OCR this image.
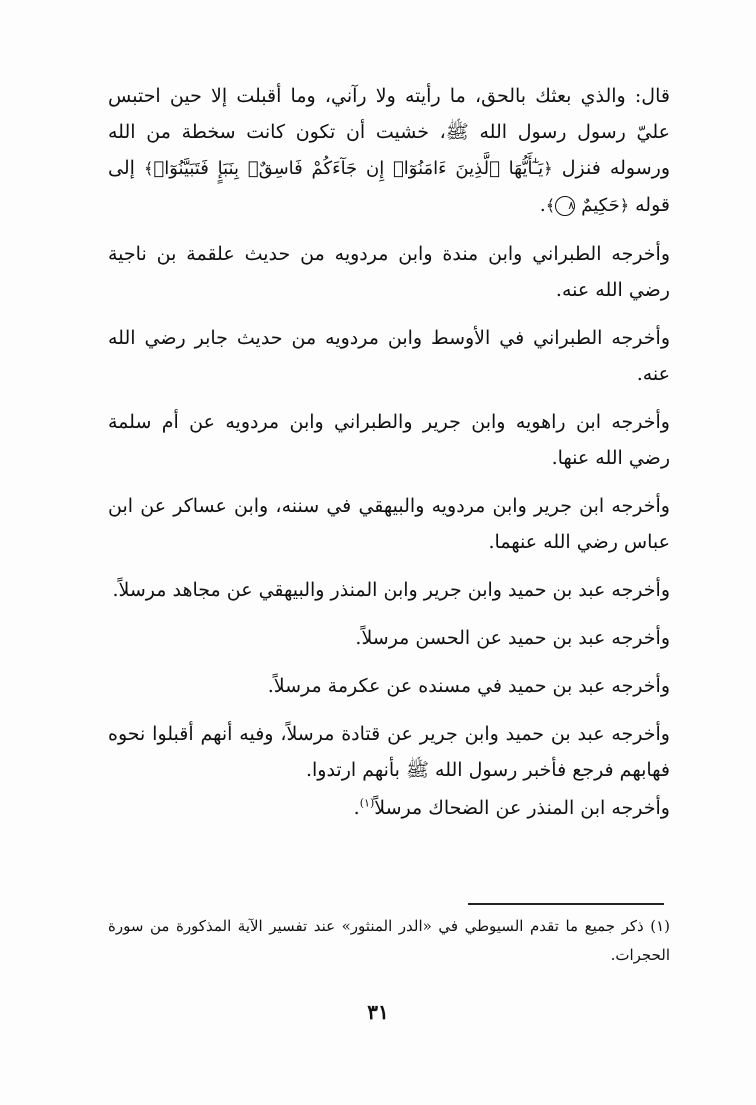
قال: والذي بعثك بالحق، ما رأيته ولا رآني، وما أقبلت إلا حين احتبس عليّ رسول رسول الله ﷺ، خشيت أن تكون كانت سخطة من الله ورسوله فنزل ﴿يَـٰٓأَيُّهَا ٱلَّذِينَ ءَامَنُوٓا۟ إِن جَآءَكُمْ فَاسِقٌۢ بِنَبَإٍ فَتَبَيَّنُوٓا۟﴾ إلى قوله ﴿حَكِيمٌ ٨﴾.

وأخرجه الطبراني وابن مندة وابن مردويه من حديث علقمة بن ناجية رضي الله عنه.

وأخرجه الطبراني في الأوسط وابن مردويه من حديث جابر رضي الله عنه.

وأخرجه ابن راهويه وابن جرير والطبراني وابن مردويه عن أم سلمة رضي الله عنها.

وأخرجه ابن جرير وابن مردويه والبيهقي في سننه، وابن عساكر عن ابن عباس رضي الله عنهما.

وأخرجه عبد بن حميد وابن جرير وابن المنذر والبيهقي عن مجاهد مرسلاً.

وأخرجه عبد بن حميد عن الحسن مرسلاً.

وأخرجه عبد بن حميد في مسنده عن عكرمة مرسلاً.

وأخرجه عبد بن حميد وابن جرير عن قتادة مرسلاً، وفيه أنهم أقبلوا نحوه فهابهم فرجع فأخبر رسول الله ﷺ بأنهم ارتدوا.

وأخرجه ابن المنذر عن الضحاك مرسلاً$^{(١)}$.

(١) ذكر جميع ما تقدم السيوطي في «الدر المنثور» عند تفسير الآية المذكورة من سورة الحجرات.

٣١
